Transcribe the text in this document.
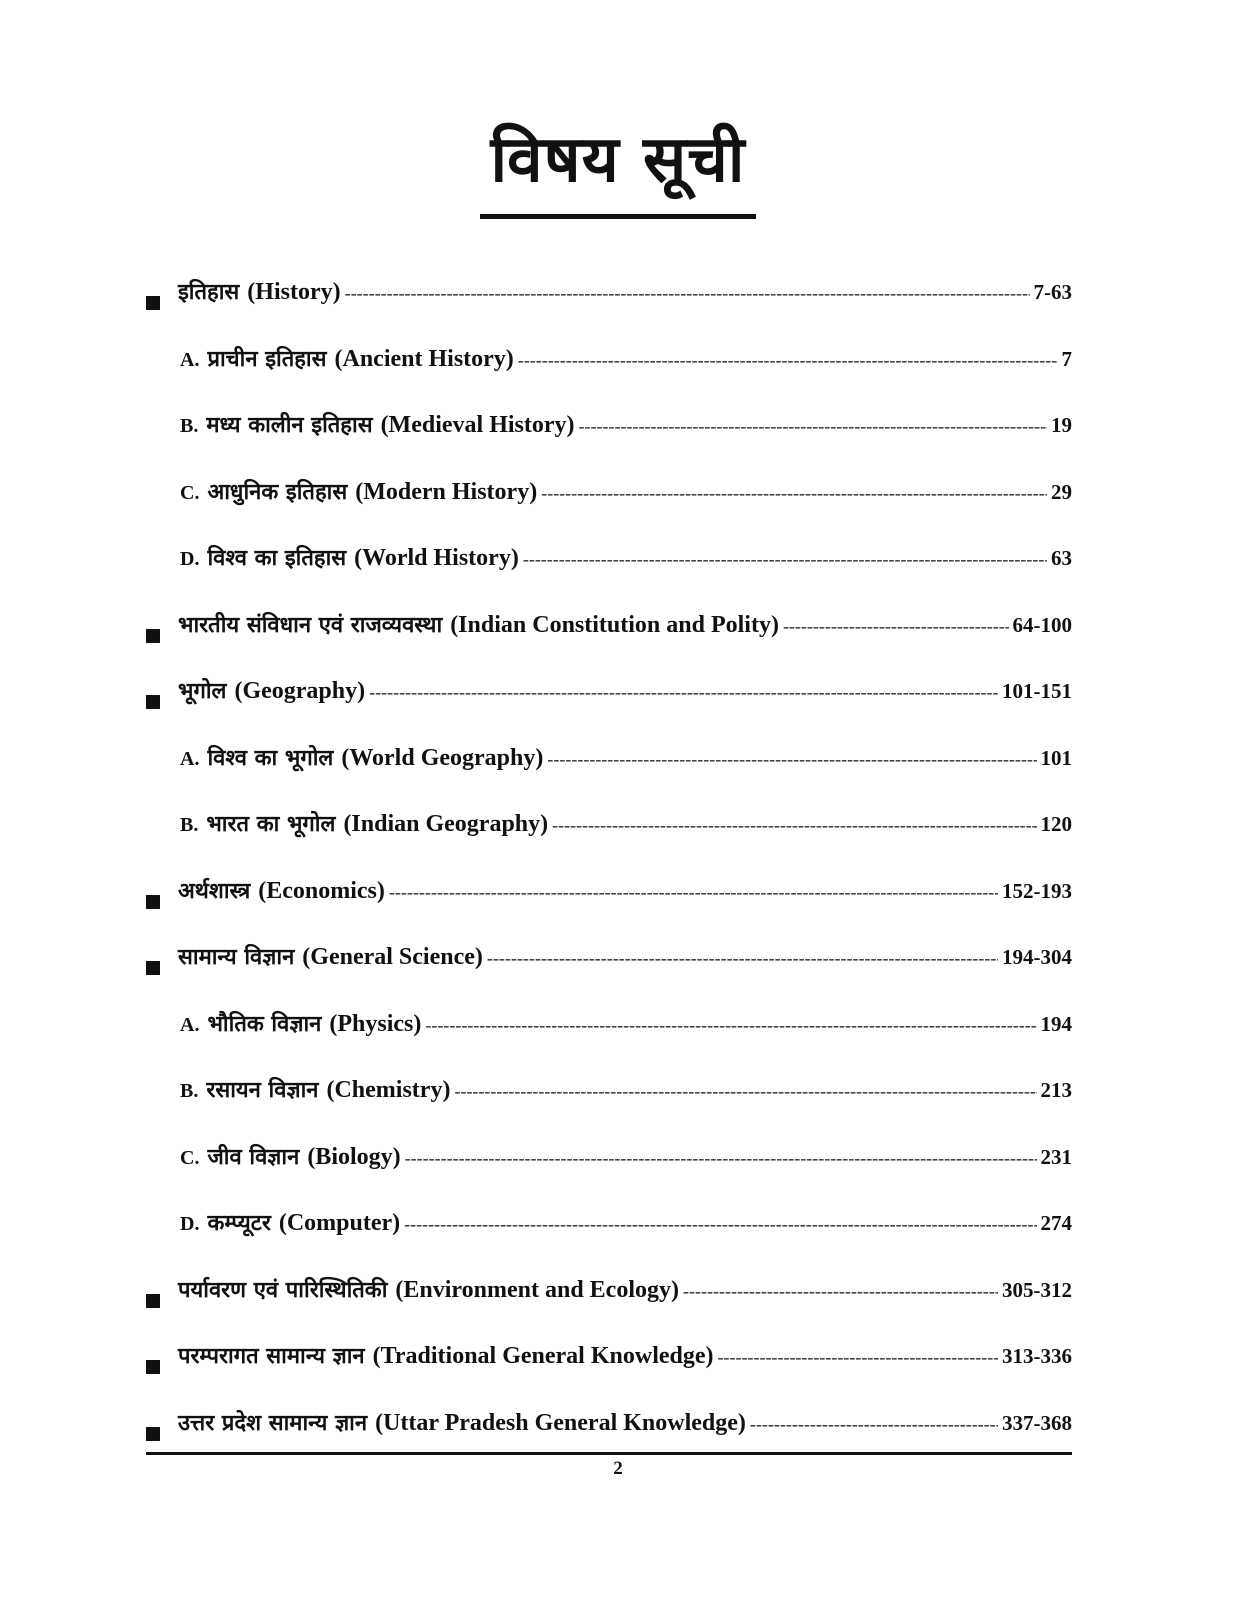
विषय सूची
इतिहास (History) -----	7-63
A. प्राचीन इतिहास (Ancient History) -----	7
B. मध्य कालीन इतिहास (Medieval History) -----	19
C. आधुनिक इतिहास (Modern History) -----	29
D. विश्व का इतिहास (World History) -----	63
भारतीय संविधान एवं राजव्यवस्था (Indian Constitution and Polity) -----	64-100
भूगोल (Geography) -----	101-151
A. विश्व का भूगोल (World Geography) -----	101
B. भारत का भूगोल (Indian Geography) -----	120
अर्थशास्त्र (Economics) -----	152-193
सामान्य विज्ञान (General Science) -----	194-304
A. भौतिक विज्ञान (Physics) -----	194
B. रसायन विज्ञान (Chemistry) -----	213
C. जीव विज्ञान (Biology) -----	231
D. कम्प्यूटर (Computer) -----	274
पर्यावरण एवं पारिस्थितिकी (Environment and Ecology) -----	305-312
परम्परागत सामान्य ज्ञान (Traditional General Knowledge) -----	313-336
उत्तर प्रदेश सामान्य ज्ञान (Uttar Pradesh General Knowledge) -----	337-368
2
